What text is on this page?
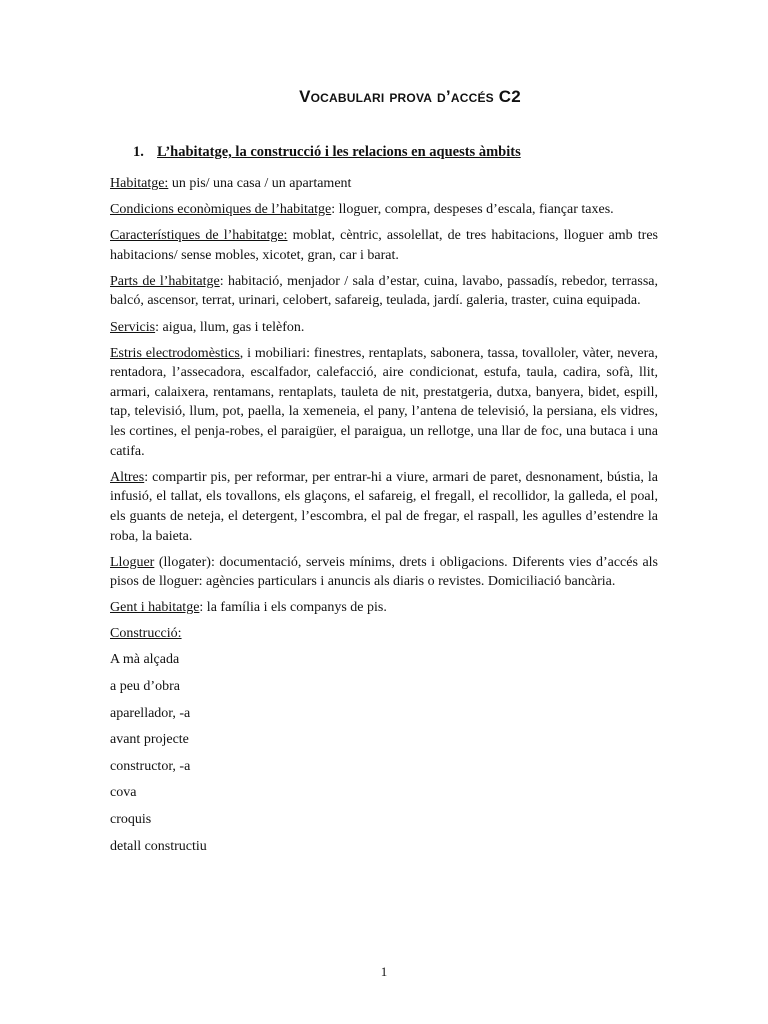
Vocabulari prova d’accés C2
1. L’habitatge, la construcció i les relacions en aquests àmbits

Habitatge: un pis/ una casa / un apartament

Condicions econòmiques de l’habitatge: lloguer, compra, despeses d’escala, fiançar taxes.

Característiques de l’habitatge: moblat, cèntric, assolellat, de tres habitacions, lloguer amb tres habitacions/ sense mobles, xicotet, gran, car i barat.

Parts de l’habitatge: habitació, menjador / sala d’estar, cuina, lavabo, passadís, rebedor, terrassa, balcó, ascensor, terrat, urinari, celobert, safareig, teulada, jardí. galeria, traster, cuina equipada.

Servicis: aigua, llum, gas i telèfon.

Estris electrodomèstics, i mobiliari: finestres, rentaplats, sabonera, tassa, tovalloler, vàter, nevera, rentadora, l’assecadora, escalfador, calefacció, aire condicionat, estufa, taula, cadira, sofà, llit, armari, calaixera, rentamans, rentaplats, tauleta de nit, prestatgeria, dutxa, banyera, bidet, espill, tap, televisió, llum, pot, paella, la xemeneia, el pany, l’antena de televisió, la persiana, els vidres, les cortines, el penja-robes, el paraigüer, el paraigua, un rellotge, una llar de foc, una butaca i una catifa.

Altres: compartir pis, per reformar, per entrar-hi a viure, armari de paret, desnonament, bústia, la infusió, el tallat, els tovallons, els glaçons, el safareig, el fregall, el recollidor, la galleda, el poal, els guants de neteja, el detergent, l’escombra, el pal de fregar, el raspall, les agulles d’estendre la roba, la baieta.

Lloguer (llogater): documentació, serveis mínims, drets i obligacions. Diferents vies d’accés als pisos de lloguer: agències particulars i anuncis als diaris o revistes. Domiciliació bancària.

Gent i habitatge: la família i els companys de pis.

Construcció:

A mà alçada
a peu d’obra
aparellador, -a
avant projecte
constructor, -a
cova
croquis
detall constructiu
1
